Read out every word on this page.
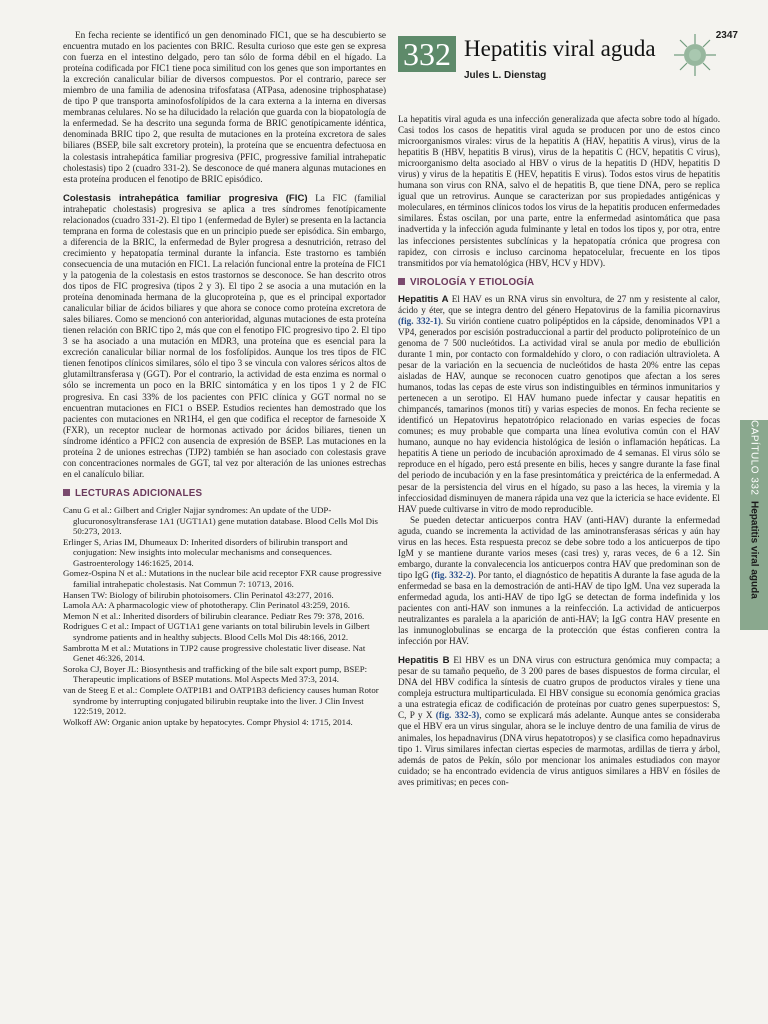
2347

En fecha reciente se identificó un gen denominado FIC1, que se ha descubierto se encuentra mutado en los pacientes con BRIC. Resulta curioso que este gen se expresa con fuerza en el intestino delgado, pero tan sólo de forma débil en el hígado. La proteína codificada por FIC1 tiene poca similitud con los genes que son importantes en la excreción canalicular biliar de diversos compuestos. Por el contrario, parece ser miembro de una familia de adenosina trifosfatasa (ATPasa, adenosine triphosphatase) de tipo P que transporta aminofosfolípidos de la cara externa a la interna en diversas membranas celulares. No se ha dilucidado la relación que guarda con la biopatología de la enfermedad. Se ha descrito una segunda forma de BRIC genotípicamente idéntica, denominada BRIC tipo 2, que resulta de mutaciones en la proteína excretora de sales biliares (BSEP, bile salt excretory protein), la proteína que se encuentra defectuosa en la colestasis intrahepática familiar progresiva (PFIC, progressive familial intrahepatic cholestasis) tipo 2 (cuadro 331-2). Se desconoce de qué manera algunas mutaciones en esta proteína producen el fenotipo de BRIC episódico.

Colestasis intrahepática familiar progresiva (FIC) La FIC (familial intrahepatic cholestasis) progresiva se aplica a tres síndromes fenotípicamente relacionados (cuadro 331-2). El tipo 1 (enfermedad de Byler) se presenta en la lactancia temprana en forma de colestasis que en un principio puede ser episódica. Sin embargo, a diferencia de la BRIC, la enfermedad de Byler progresa a desnutrición, retraso del crecimiento y hepatopatía terminal durante la infancia. Este trastorno es también consecuencia de una mutación en FIC1. La relación funcional entre la proteína de FIC1 y la patogenia de la colestasis en estos trastornos se desconoce. Se han descrito otros dos tipos de FIC progresiva (tipos 2 y 3). El tipo 2 se asocia a una mutación en la proteína denominada hermana de la glucoproteína p, que es el principal exportador canalicular biliar de ácidos biliares y que ahora se conoce como proteína excretora de sales biliares. Como se mencionó con anterioridad, algunas mutaciones de esta proteína tienen relación con BRIC tipo 2, más que con el fenotipo FIC progresivo tipo 2. El tipo 3 se ha asociado a una mutación en MDR3, una proteína que es esencial para la excreción canalicular biliar normal de los fosfolípidos. Aunque los tres tipos de FIC tienen fenotipos clínicos similares, sólo el tipo 3 se vincula con valores séricos altos de glutamiltransferasa γ (GGT). Por el contrario, la actividad de esta enzima es normal o sólo se incrementa un poco en la BRIC sintomática y en los tipos 1 y 2 de FIC progresiva. En casi 33% de los pacientes con PFIC clínica y GGT normal no se encuentran mutaciones en FIC1 o BSEP. Estudios recientes han demostrado que los pacientes con mutaciones en NR1H4, el gen que codifica el receptor de farnesoide X (FXR), un receptor nuclear de hormonas activado por ácidos biliares, tienen un síndrome idéntico a PFIC2 con ausencia de expresión de BSEP. Las mutaciones en la proteína 2 de uniones estrechas (TJP2) también se han asociado con colestasis grave con concentraciones normales de GGT, tal vez por alteración de las uniones estrechas en el canalículo biliar.

LECTURAS ADICIONALES
Canu G et al.: Gilbert and Crigler Najjar syndromes: An update of the UDP-glucuronosyltransferase 1A1 (UGT1A1) gene mutation database. Blood Cells Mol Dis 50:273, 2013.
Erlinger S, Arias IM, Dhumeaux D: Inherited disorders of bilirubin transport and conjugation: New insights into molecular mechanisms and consequences. Gastroenterology 146:1625, 2014.
Gomez-Ospina N et al.: Mutations in the nuclear bile acid receptor FXR cause progressive familial intrahepatic cholestasis. Nat Commun 7: 10713, 2016.
Hansen TW: Biology of bilirubin photoisomers. Clin Perinatol 43:277, 2016.
Lamola AA: A pharmacologic view of phototherapy. Clin Perinatol 43:259, 2016.
Memon N et al.: Inherited disorders of bilirubin clearance. Pediatr Res 79: 378, 2016.
Rodrigues C et al.: Impact of UGT1A1 gene variants on total bilirubin levels in Gilbert syndrome patients and in healthy subjects. Blood Cells Mol Dis 48:166, 2012.
Sambrotta M et al.: Mutations in TJP2 cause progressive cholestatic liver disease. Nat Genet 46:326, 2014.
Soroka CJ, Boyer JL: Biosynthesis and trafficking of the bile salt export pump, BSEP: Therapeutic implications of BSEP mutations. Mol Aspects Med 37:3, 2014.
van de Steeg E et al.: Complete OATP1B1 and OATP1B3 deficiency causes human Rotor syndrome by interrupting conjugated bilirubin reuptake into the liver. J Clin Invest 122:519, 2012.
Wolkoff AW: Organic anion uptake by hepatocytes. Compr Physiol 4: 1715, 2014.
332 Hepatitis viral aguda
Jules L. Dienstag

La hepatitis viral aguda es una infección generalizada que afecta sobre todo al hígado. Casi todos los casos de hepatitis viral aguda se producen por uno de estos cinco microorganismos virales: virus de la hepatitis A (HAV, hepatitis A virus), virus de la hepatitis B (HBV, hepatitis B virus), virus de la hepatitis C (HCV, hepatitis C virus), microorganismo delta asociado al HBV o virus de la hepatitis D (HDV, hepatitis D virus) y virus de la hepatitis E (HEV, hepatitis E virus). Todos estos virus de hepatitis humana son virus con RNA, salvo el de hepatitis B, que tiene DNA, pero se replica igual que un retrovirus. Aunque se caracterizan por sus propiedades antigénicas y moleculares, en términos clínicos todos los virus de la hepatitis producen enfermedades similares. Éstas oscilan, por una parte, entre la enfermedad asintomática que pasa inadvertida y la infección aguda fulminante y letal en todos los tipos y, por otra, entre las infecciones persistentes subclínicas y la hepatopatía crónica que progresa con rapidez, con cirrosis e incluso carcinoma hepatocelular, frecuente en los tipos transmitidos por vía hematológica (HBV, HCV y HDV).

VIROLOGÍA Y ETIOLOGÍA

Hepatitis A El HAV es un RNA virus sin envoltura, de 27 nm y resistente al calor, ácido y éter, que se integra dentro del género Hepatovirus de la familia picornavirus (fig. 332-1). Su virión contiene cuatro polipéptidos en la cápside, denominados VP1 a VP4, generados por escisión postraduccional a partir del producto poliproteínico de un genoma de 7 500 nucleótidos. La actividad viral se anula por medio de ebullición durante 1 min, por contacto con formaldehído y cloro, o con radiación ultravioleta. A pesar de la variación en la secuencia de nucleótidos de hasta 20% entre las cepas aisladas de HAV, aunque se reconocen cuatro genotipos que afectan a los seres humanos, todas las cepas de este virus son indistinguibles en términos inmunitarios y pertenecen a un serotipo. El HAV humano puede infectar y causar hepatitis en chimpancés, tamarinos (monos tití) y varias especies de monos. En fecha reciente se identificó un Hepatovirus hepatotrópico relacionado en varias especies de focas comunes; es muy probable que comparta una línea evolutiva común con el HAV humano, aunque no hay evidencia histológica de lesión o inflamación hepáticas. La hepatitis A tiene un periodo de incubación aproximado de 4 semanas. El virus sólo se reproduce en el hígado, pero está presente en bilis, heces y sangre durante la fase final del periodo de incubación y en la fase presintomática y preictérica de la enfermedad. A pesar de la persistencia del virus en el hígado, su paso a las heces, la viremia y la infecciosidad disminuyen de manera rápida una vez que la ictericia se hace evidente. El HAV puede cultivarse in vitro de modo reproducible.

Se pueden detectar anticuerpos contra HAV (anti-HAV) durante la enfermedad aguda, cuando se incrementa la actividad de las aminotransferasas séricas y aún hay virus en las heces. Esta respuesta precoz se debe sobre todo a los anticuerpos de tipo IgM y se mantiene durante varios meses (casi tres) y, raras veces, de 6 a 12. Sin embargo, durante la convalecencia los anticuerpos contra HAV que predominan son de tipo IgG (fig. 332-2). Por tanto, el diagnóstico de hepatitis A durante la fase aguda de la enfermedad se basa en la demostración de anti-HAV de tipo IgM. Una vez superada la enfermedad aguda, los anti-HAV de tipo IgG se detectan de forma indefinida y los pacientes con anti-HAV son inmunes a la reinfección. La actividad de anticuerpos neutralizantes es paralela a la aparición de anti-HAV; la IgG contra HAV presente en las inmunoglobulinas se encarga de la protección que éstas confieren contra la infección por HAV.

Hepatitis B El HBV es un DNA virus con estructura genómica muy compacta; a pesar de su tamaño pequeño, de 3 200 pares de bases dispuestos de forma circular, el DNA del HBV codifica la síntesis de cuatro grupos de productos virales y tiene una compleja estructura multiparticulada. El HBV consigue su economía genómica gracias a una estrategia eficaz de codificación de proteínas por cuatro genes superpuestos: S, C, P y X (fig. 332-3), como se explicará más adelante. Aunque antes se consideraba que el HBV era un virus singular, ahora se le incluye dentro de una familia de virus de animales, los hepadnavirus (DNA virus hepatotropos) y se clasifica como hepadnavirus tipo 1. Virus similares infectan ciertas especies de marmotas, ardillas de tierra y árbol, además de patos de Pekín, sólo por mencionar los animales estudiados con mayor cuidado; se ha encontrado evidencia de virus antiguos similares a HBV en fósiles de aves primitivas; en peces con-

CAPÍTULO 332
Hepatitis viral aguda
